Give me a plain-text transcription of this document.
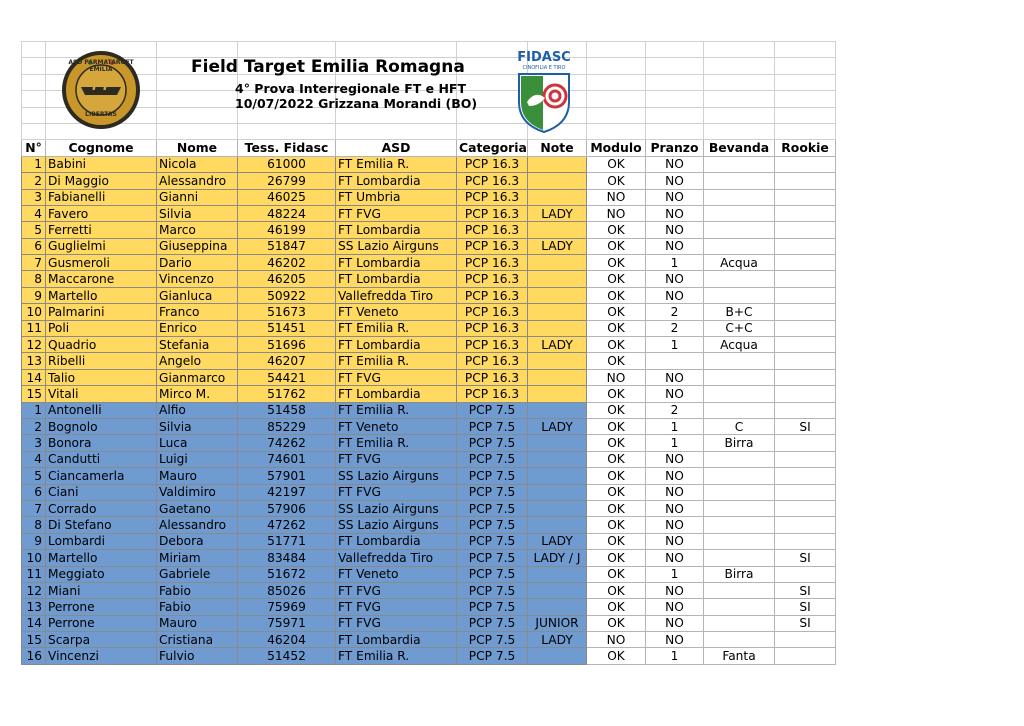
N°	Cognome	Nome	Tess. Fidasc	ASD	Categoria	Note	Modulo	Pranzo	Bevanda	Rookie
1	Babini	Nicola	61000	FT Emilia R.	PCP 16.3		OK	NO		
2	Di Maggio	Alessandro	26799	FT Lombardia	PCP 16.3		OK	NO		
3	Fabianelli	Gianni	46025	FT Umbria	PCP 16.3		NO	NO		
4	Favero	Silvia	48224	FT FVG	PCP 16.3	LADY	NO	NO		
5	Ferretti	Marco	46199	FT Lombardia	PCP 16.3		OK	NO		
6	Guglielmi	Giuseppina	51847	SS Lazio Airguns	PCP 16.3	LADY	OK	NO		
7	Gusmeroli	Dario	46202	FT Lombardia	PCP 16.3		OK	1	Acqua	
8	Maccarone	Vincenzo	46205	FT Lombardia	PCP 16.3		OK	NO		
9	Martello	Gianluca	50922	Vallefredda Tiro	PCP 16.3		OK	NO		
10	Palmarini	Franco	51673	FT Veneto	PCP 16.3		OK	2	B+C	
11	Poli	Enrico	51451	FT Emilia R.	PCP 16.3		OK	2	C+C	
12	Quadrio	Stefania	51696	FT Lombardia	PCP 16.3	LADY	OK	1	Acqua	
13	Ribelli	Angelo	46207	FT Emilia R.	PCP 16.3		OK			
14	Talio	Gianmarco	54421	FT FVG	PCP 16.3		NO	NO		
15	Vitali	Mirco M.	51762	FT Lombardia	PCP 16.3		OK	NO		
1	Antonelli	Alfio	51458	FT Emilia R.	PCP 7.5		OK	2		
2	Bognolo	Silvia	85229	FT Veneto	PCP 7.5	LADY	OK	1	C	SI
3	Bonora	Luca	74262	FT Emilia R.	PCP 7.5		OK	1	Birra	
4	Candutti	Luigi	74601	FT FVG	PCP 7.5		OK	NO		
5	Ciancamerla	Mauro	57901	SS Lazio Airguns	PCP 7.5		OK	NO		
6	Ciani	Valdimiro	42197	FT FVG	PCP 7.5		OK	NO		
7	Corrado	Gaetano	57906	SS Lazio Airguns	PCP 7.5		OK	NO		
8	Di Stefano	Alessandro	47262	SS Lazio Airguns	PCP 7.5		OK	NO		
9	Lombardi	Debora	51771	FT Lombardia	PCP 7.5	LADY	OK	NO		
10	Martello	Miriam	83484	Vallefredda Tiro	PCP 7.5	LADY / J	OK	NO		SI
11	Meggiato	Gabriele	51672	FT Veneto	PCP 7.5		OK	1	Birra	
12	Miani	Fabio	85026	FT FVG	PCP 7.5		OK	NO		SI
13	Perrone	Fabio	75969	FT FVG	PCP 7.5		OK	NO		SI
14	Perrone	Mauro	75971	FT FVG	PCP 7.5	JUNIOR	OK	NO		SI
15	Scarpa	Cristiana	46204	FT Lombardia	PCP 7.5	LADY	NO	NO		
16	Vincenzi	Fulvio	51452	FT Emilia R.	PCP 7.5		OK	1	Fanta	
ASD PARMATARGET EMILIA
FT
LIBERTAS
Field Target Emilia Romagna
4° Prova Interregionale FT e HFT
10/07/2022 Grizzana Morandi (BO)
FIDASC
CINOFILIA E TIRO
